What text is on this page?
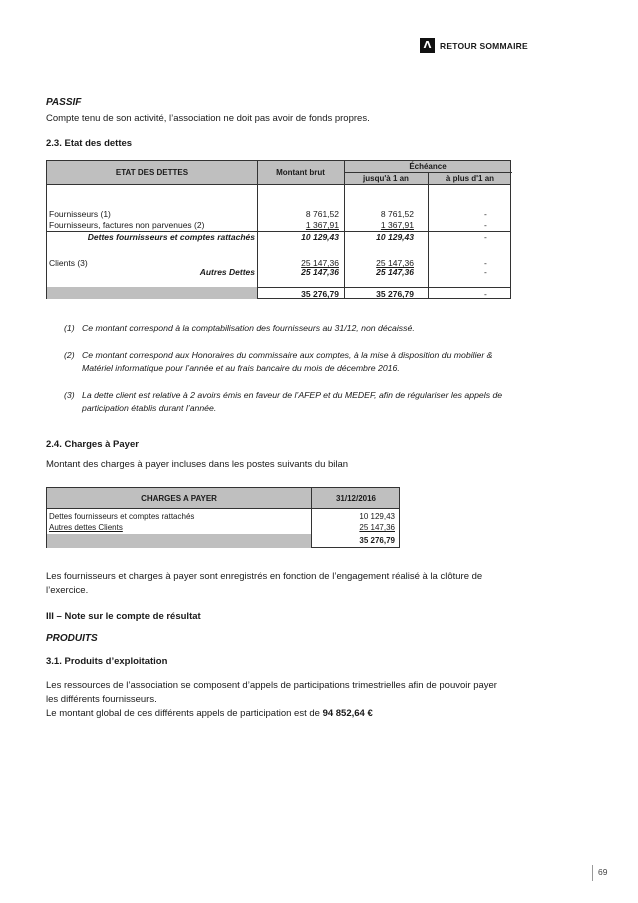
Λ	RETOUR SOMMAIRE
PASSIF
Compte tenu de son activité, l’association ne doit pas avoir de fonds propres.
2.3. Etat des dettes
ETAT DES DETTES	Montant brut
Échéance
jusqu'à 1 an	à plus d'1 an
Fournisseurs (1)	8 761,52	8 761,52	-
Fournisseurs, factures non parvenues (2)	1 367,91	1 367,91	-
Dettes fournisseurs et comptes rattachés	10 129,43	10 129,43	-
Clients (3)	25 147,36	25 147,36	-
Autres Dettes	25 147,36	25 147,36	-
35 276,79	35 276,79	-
(1) Ce montant correspond à la comptabilisation des fournisseurs au 31/12, non décaissé.
(2) Ce montant correspond aux Honoraires du commissaire aux comptes, à la mise à disposition du mobilier & Matériel informatique pour l’année et au frais bancaire du mois de décembre 2016.
(3) La dette client est relative à 2 avoirs émis en faveur de l’AFEP et du MEDEF, afin de régulariser les appels de participation établis durant l’année.
2.4. Charges à Payer
Montant des charges à payer incluses dans les postes suivants du bilan
CHARGES A PAYER	31/12/2016
Dettes fournisseurs et comptes rattachés	10 129,43
Autres dettes Clients	25 147,36
35 276,79
Les fournisseurs et charges à payer sont enregistrés en fonction de l’engagement réalisé à la clôture de l’exercice.
III – Note sur le compte de résultat
PRODUITS
3.1. Produits d’exploitation
Les ressources de l’association se composent d’appels de participations trimestrielles afin de pouvoir payer les différents fournisseurs.
Le montant global de ces différents appels de participation est de 94 852,64 €
69
